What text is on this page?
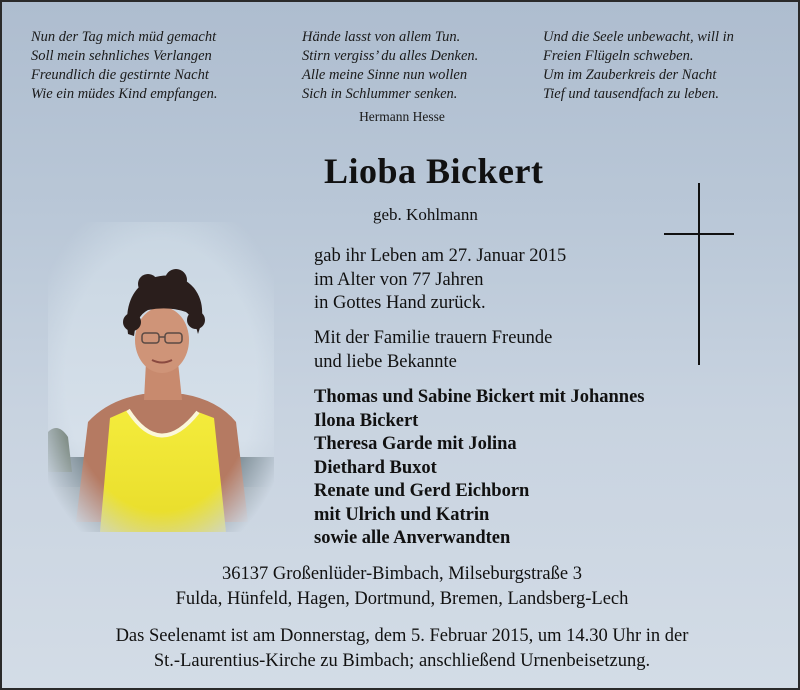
Nun der Tag mich müd gemacht
Soll mein sehnliches Verlangen
Freundlich die gestirnte Nacht
Wie ein müdes Kind empfangen.
Hände lasst von allem Tun.
Stirn vergiss’ du alles Denken.
Alle meine Sinne nun wollen
Sich in Schlummer senken.
Und die Seele unbewacht, will in
Freien Flügeln schweben.
Um im Zauberkreis der Nacht
Tief und tausendfach zu leben.
Hermann Hesse
Lioba Bickert
geb. Kohlmann
gab ihr Leben am 27. Januar 2015
im Alter von 77 Jahren
in Gottes Hand zurück.
Mit der Familie trauern Freunde
und liebe Bekannte
Thomas und Sabine Bickert mit Johannes
Ilona Bickert
Theresa Garde mit Jolina
Diethard Buxot
Renate und Gerd Eichborn
mit Ulrich und Katrin
sowie alle Anverwandten
36137 Großenlüder-Bimbach, Milseburgstraße 3
Fulda, Hünfeld, Hagen, Dortmund, Bremen, Landsberg-Lech
Das Seelenamt ist am Donnerstag, dem 5. Februar 2015, um 14.30 Uhr in der
St.-Laurentius-Kirche zu Bimbach; anschließend Urnenbeisetzung.
